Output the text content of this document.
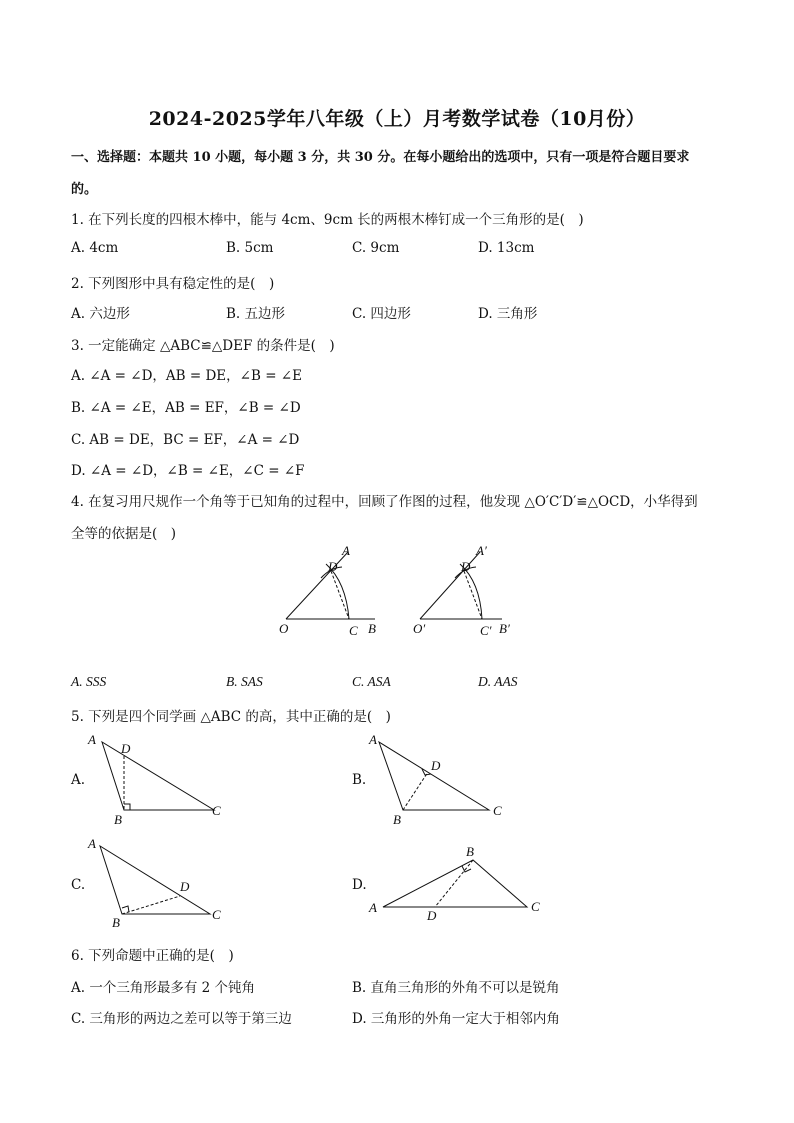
2024-2025学年八年级（上）月考数学试卷（10月份）
一、选择题：本题共 10 小题，每小题 3 分，共 30 分。在每小题给出的选项中，只有一项是符合题目要求
的。
1. 在下列长度的四根木棒中，能与 4cm、9cm 长的两根木棒钉成一个三角形的是(　)
A. 4cm	B. 5cm	C. 9cm	D. 13cm
2. 下列图形中具有稳定性的是(　)
A. 六边形	B. 五边形	C. 四边形	D. 三角形
3. 一定能确定 △ABC≌△DEF 的条件是(　)
A. ∠A = ∠D，AB = DE，∠B = ∠E
B. ∠A = ∠E，AB = EF，∠B = ∠D
C. AB = DE，BC = EF，∠A = ∠D
D. ∠A = ∠D，∠B = ∠E，∠C = ∠F
4. 在复习用尺规作一个角等于已知角的过程中，回顾了作图的过程，他发现 △O′C′D′≌△OCD，小华得到
全等的依据是(　)
A
D
O	C B
A′
D
O′	C′ B′
A. SSS	B. SAS	C. ASA	D. AAS
5. 下列是四个同学画 △ABC 的高，其中正确的是(　)
A.
A
D
B
C
B.
A
D
B
C
C.
A
D
B
C
D.
A
B
D
C
6. 下列命题中正确的是(　)
A. 一个三角形最多有 2 个钝角	B. 直角三角形的外角不可以是锐角
C. 三角形的两边之差可以等于第三边	D. 三角形的外角一定大于相邻内角
